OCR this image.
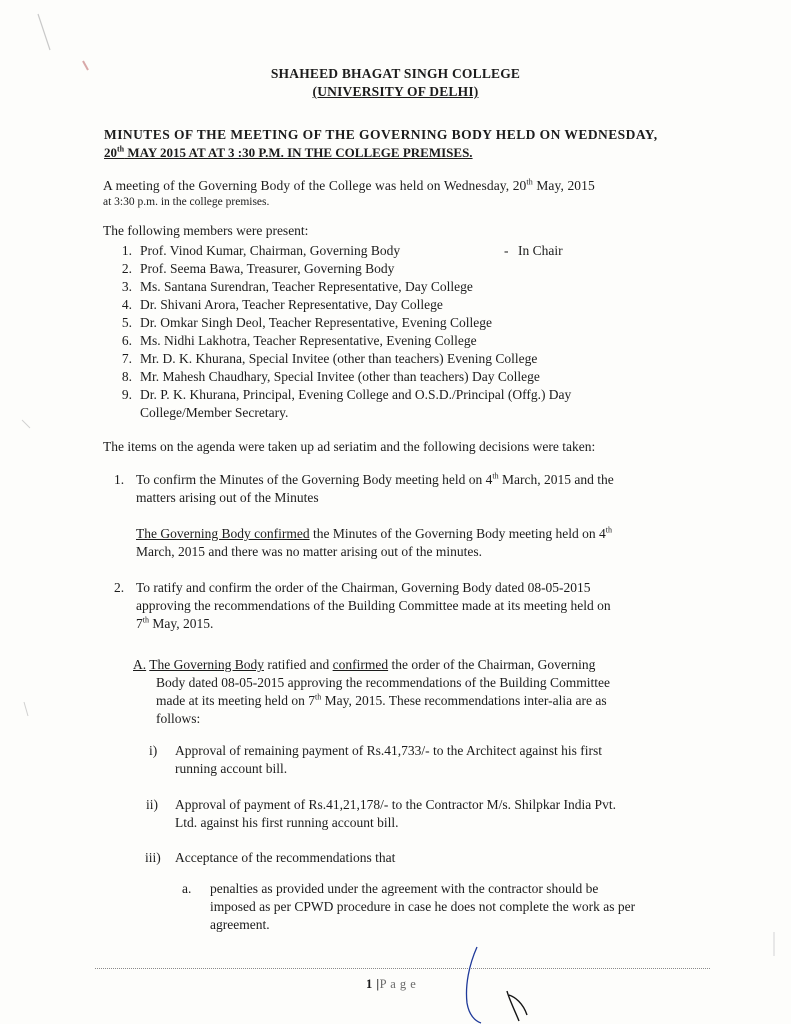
SHAHEED BHAGAT SINGH COLLEGE
(UNIVERSITY OF DELHI)
MINUTES OF THE MEETING OF THE GOVERNING BODY HELD ON WEDNESDAY,
20th MAY 2015 AT AT 3 :30 P.M. IN THE COLLEGE PREMISES.
A meeting of the Governing Body of the College was held on Wednesday, 20th May, 2015
at 3:30 p.m. in the college premises.
The following members were present:
1. Prof. Vinod Kumar, Chairman, Governing Body	- In Chair
2. Prof. Seema Bawa, Treasurer, Governing Body
3. Ms. Santana Surendran, Teacher Representative, Day College
4. Dr. Shivani Arora, Teacher Representative, Day College
5. Dr. Omkar Singh Deol, Teacher Representative, Evening College
6. Ms. Nidhi Lakhotra, Teacher Representative, Evening College
7. Mr. D. K. Khurana, Special Invitee (other than teachers) Evening College
8. Mr. Mahesh Chaudhary, Special Invitee (other than teachers) Day College
9. Dr. P. K. Khurana, Principal, Evening College and O.S.D./Principal (Offg.) Day
College/Member Secretary.
The items on the agenda were taken up ad seriatim and the following decisions were taken:
1. To confirm the Minutes of the Governing Body meeting held on 4th March, 2015 and the
matters arising out of the Minutes
The Governing Body confirmed the Minutes of the Governing Body meeting held on 4th
March, 2015 and there was no matter arising out of the minutes.
2. To ratify and confirm the order of the Chairman, Governing Body dated 08-05-2015
approving the recommendations of the Building Committee made at its meeting held on
7th May, 2015.
A. The Governing Body ratified and confirmed the order of the Chairman, Governing
Body dated 08-05-2015 approving the recommendations of the Building Committee
made at its meeting held on 7th May, 2015. These recommendations inter-alia are as
follows:
i) Approval of remaining payment of Rs.41,733/- to the Architect against his first
running account bill.
ii) Approval of payment of Rs.41,21,178/- to the Contractor M/s. Shilpkar India Pvt.
Ltd. against his first running account bill.
iii) Acceptance of the recommendations that
a. penalties as provided under the agreement with the contractor should be
imposed as per CPWD procedure in case he does not complete the work as per
agreement.
1 |P a g e
